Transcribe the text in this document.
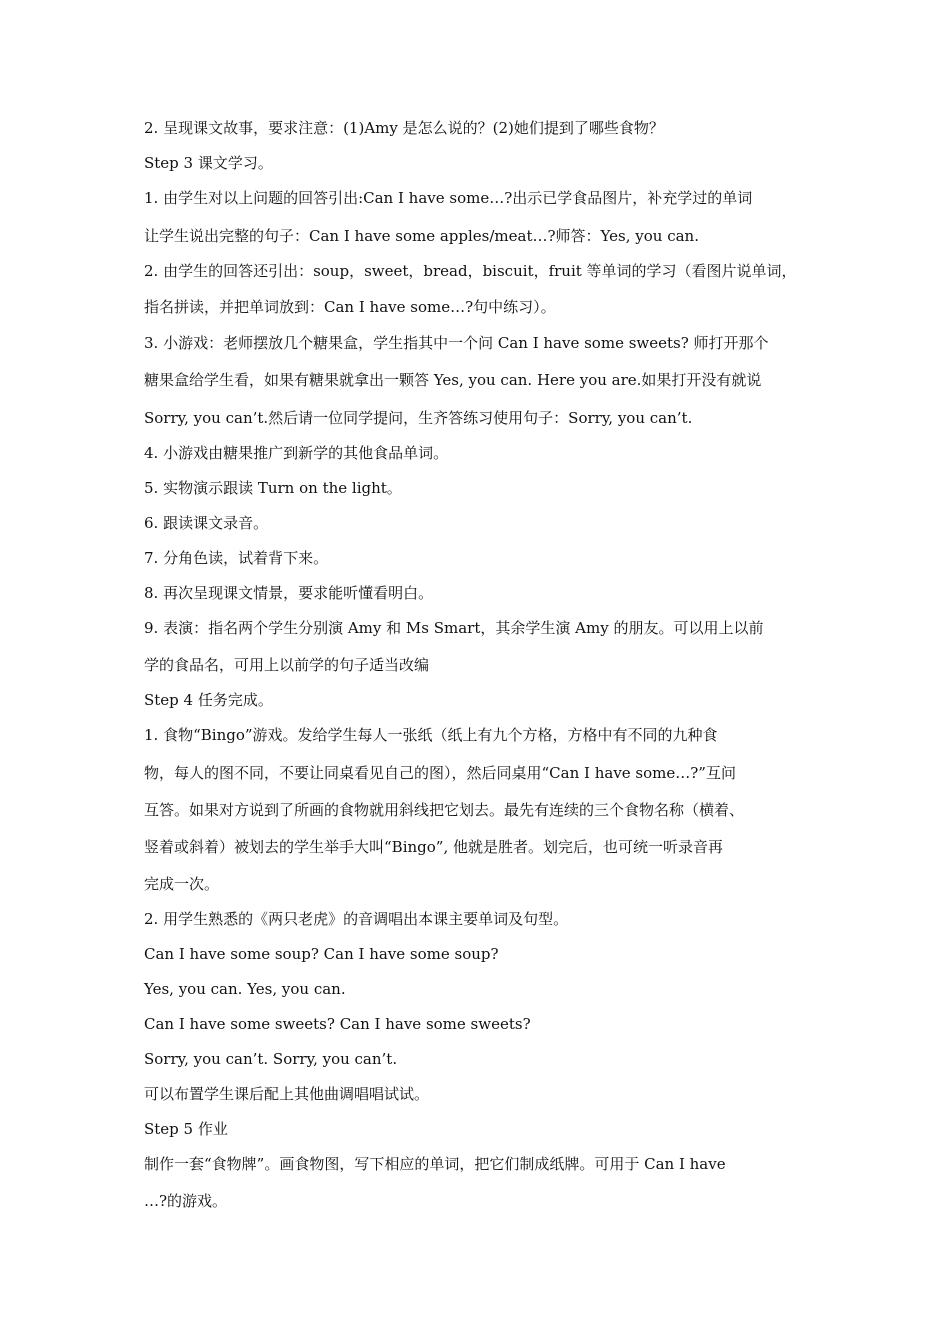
2. 呈现课文故事，要求注意：(1)Amy 是怎么说的？(2)她们提到了哪些食物？
Step 3 课文学习。
1. 由学生对以上问题的回答引出:Can I have some…?出示已学食品图片，补充学过的单词
让学生说出完整的句子：Can I have some apples/meat…?师答：Yes, you can.
2. 由学生的回答还引出：soup，sweet，bread，biscuit，fruit 等单词的学习（看图片说单词，
指名拼读，并把单词放到：Can I have some…?句中练习）。
3. 小游戏：老师摆放几个糖果盒，学生指其中一个问 Can I have some sweets? 师打开那个
糖果盒给学生看，如果有糖果就拿出一颗答 Yes, you can. Here you are.如果打开没有就说
Sorry, you can’t.然后请一位同学提问，生齐答练习使用句子：Sorry, you can’t.
4. 小游戏由糖果推广到新学的其他食品单词。
5. 实物演示跟读 Turn on the light。
6. 跟读课文录音。
7. 分角色读，试着背下来。
8. 再次呈现课文情景，要求能听懂看明白。
9. 表演：指名两个学生分别演 Amy 和 Ms Smart，其余学生演 Amy 的朋友。可以用上以前
学的食品名，可用上以前学的句子适当改编
Step 4 任务完成。
1. 食物“Bingo”游戏。发给学生每人一张纸（纸上有九个方格，方格中有不同的九种食
物，每人的图不同，不要让同桌看见自己的图），然后同桌用“Can I have some…?”互问
互答。如果对方说到了所画的食物就用斜线把它划去。最先有连续的三个食物名称（横着、
竖着或斜着）被划去的学生举手大叫“Bingo”, 他就是胜者。划完后，也可统一听录音再
完成一次。
2. 用学生熟悉的《两只老虎》的音调唱出本课主要单词及句型。
Can I have some soup? Can I have some soup?
Yes, you can. Yes, you can.
Can I have some sweets? Can I have some sweets?
Sorry, you can’t. Sorry, you can’t.
可以布置学生课后配上其他曲调唱唱试试。
Step 5 作业
制作一套“食物牌”。画食物图，写下相应的单词，把它们制成纸牌。可用于 Can I have
…?的游戏。
